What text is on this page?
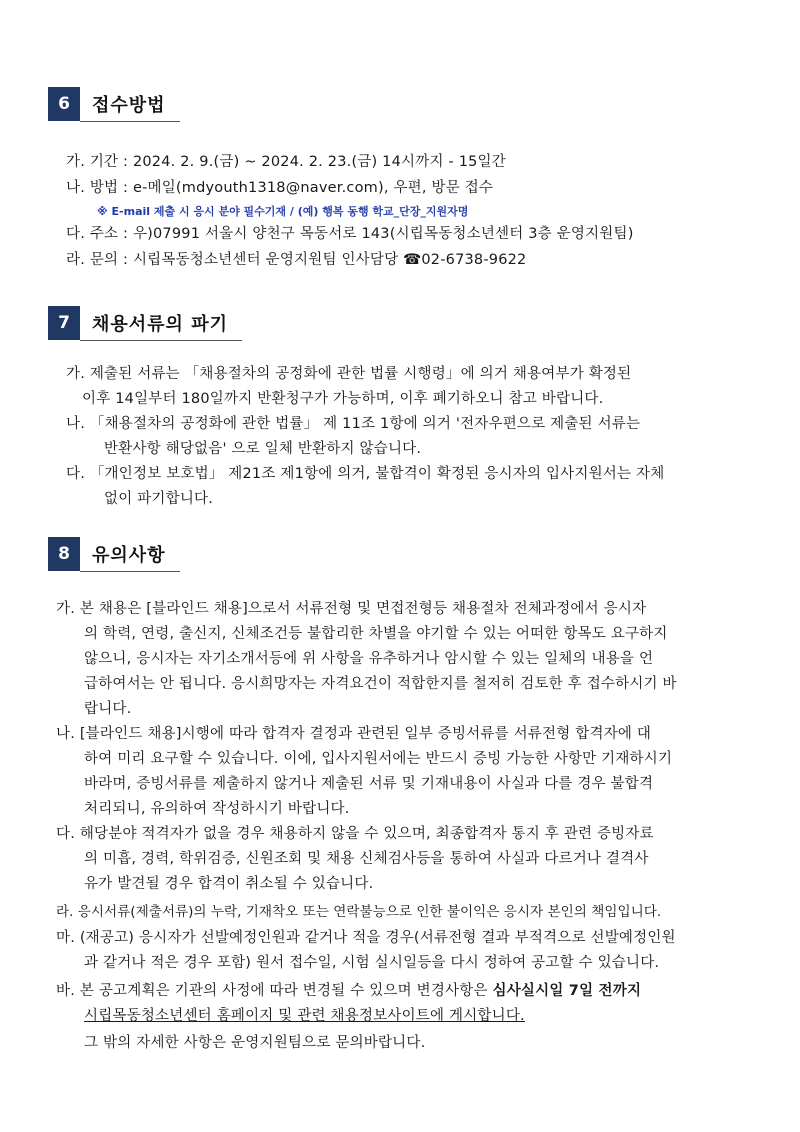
6	접수방법
가. 기간 : 2024. 2. 9.(금) ~ 2024. 2. 23.(금) 14시까지 - 15일간
나. 방법 : e-메일(mdyouth1318@naver.com), 우편, 방문 접수
※ E-mail 제출 시 응시 분야 필수기재 / (예) 행복 동행 학교_단장_지원자명
다. 주소 : 우)07991 서울시 양천구 목동서로 143(시립목동청소년센터 3층 운영지원팀)
라. 문의 : 시립목동청소년센터 운영지원팀 인사담당 ☎02-6738-9622
7	채용서류의 파기
가. 제출된 서류는 「채용절차의 공정화에 관한 법률 시행령」에 의거 채용여부가 확정된
이후 14일부터 180일까지 반환청구가 가능하며, 이후 폐기하오니 참고 바랍니다.
나. 「채용절차의 공정화에 관한 법률」 제 11조 1항에 의거 '전자우편으로 제출된 서류는
반환사항 해당없음' 으로 일체 반환하지 않습니다.
다. 「개인정보 보호법」 제21조 제1항에 의거, 불합격이 확정된 응시자의 입사지원서는 자체
없이 파기합니다.
8	유의사항
가. 본 채용은 [블라인드 채용]으로서 서류전형 및 면접전형등 채용절차 전체과정에서 응시자
의 학력, 연령, 출신지, 신체조건등 불합리한 차별을 야기할 수 있는 어떠한 항목도 요구하지
않으니, 응시자는 자기소개서등에 위 사항을 유추하거나 암시할 수 있는 일체의 내용을 언
급하여서는 안 됩니다. 응시희망자는 자격요건이 적합한지를 철저히 검토한 후 접수하시기 바
랍니다.
나. [블라인드 채용]시행에 따라 합격자 결정과 관련된 일부 증빙서류를 서류전형 합격자에 대
하여 미리 요구할 수 있습니다. 이에, 입사지원서에는 반드시 증빙 가능한 사항만 기재하시기
바라며, 증빙서류를 제출하지 않거나 제출된 서류 및 기재내용이 사실과 다를 경우 불합격
처리되니, 유의하여 작성하시기 바랍니다.
다. 해당분야 적격자가 없을 경우 채용하지 않을 수 있으며, 최종합격자 통지 후 관련 증빙자료
의 미흡, 경력, 학위검증, 신원조회 및 채용 신체검사등을 통하여 사실과 다르거나 결격사
유가 발견될 경우 합격이 취소될 수 있습니다.
라. 응시서류(제출서류)의 누락, 기재착오 또는 연락불능으로 인한 불이익은 응시자 본인의 책임입니다.
마. (재공고) 응시자가 선발예정인원과 같거나 적을 경우(서류전형 결과 부적격으로 선발예정인원
과 같거나 적은 경우 포함) 원서 접수일, 시험 실시일등을 다시 정하여 공고할 수 있습니다.
바. 본 공고계획은 기관의 사정에 따라 변경될 수 있으며 변경사항은 심사실시일 7일 전까지
시립목동청소년센터 홈페이지 및 관련 채용정보사이트에 게시합니다.
그 밖의 자세한 사항은 운영지원팀으로 문의바랍니다.
